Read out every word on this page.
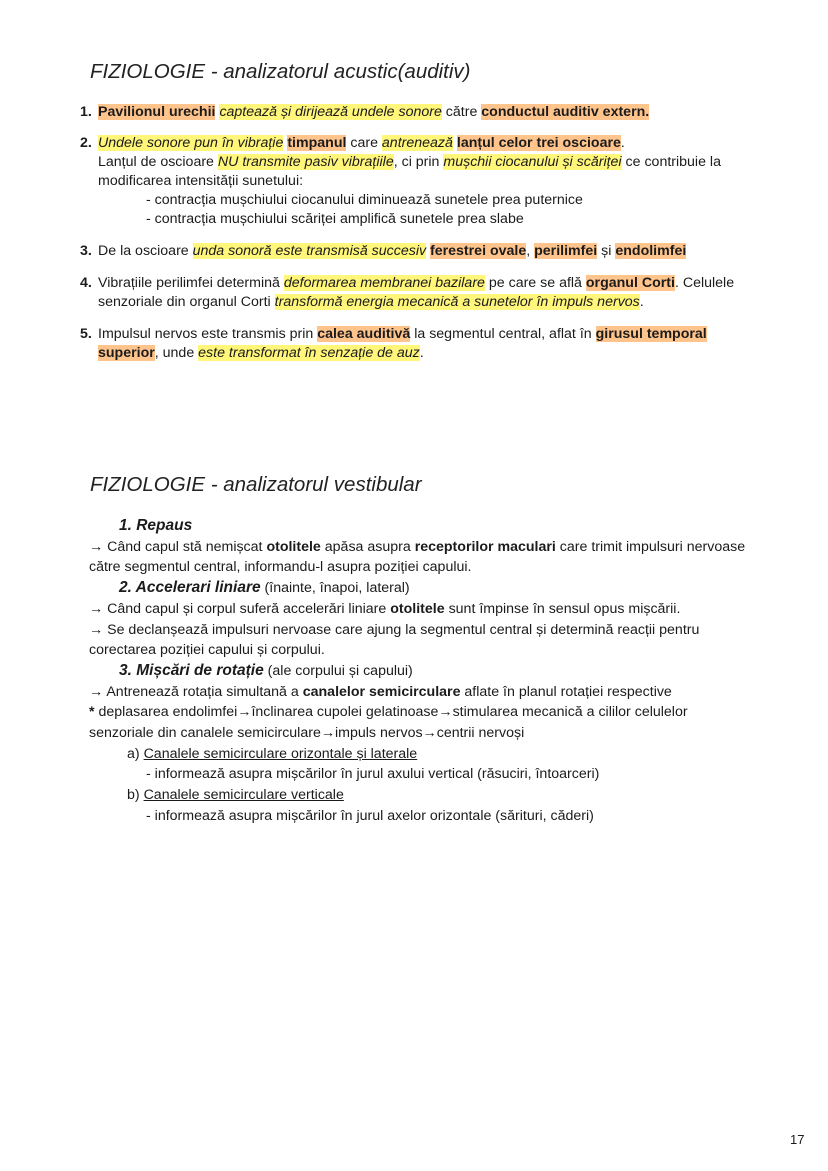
FIZIOLOGIE - analizatorul acustic(auditiv)
1. Pavilionul urechii captează și dirijează undele sonore către conductul auditiv extern.
2. Undele sonore pun în vibrație timpanul care antrenează lanțul celor trei oscioare.
Lanțul de oscioare NU transmite pasiv vibrațiile, ci prin mușchii ciocanului și scăriței ce contribuie la
modificarea intensității sunetului:
- contracția mușchiului ciocanului diminuează sunetele prea puternice
- contracția mușchiului scăriței amplifică sunetele prea slabe
3. De la oscioare unda sonoră este transmisă succesiv ferestrei ovale, perilimfei și endolimfei
4. Vibrațiile perilimfei determină deformarea membranei bazilare pe care se află organul Corti. Celulele
senzoriale din organul Corti transformă energia mecanică a sunetelor în impuls nervos.
5. Impulsul nervos este transmis prin calea auditivă la segmentul central, aflat în girusul temporal
superior, unde este transformat în senzație de auz.
FIZIOLOGIE - analizatorul vestibular
1. Repaus
→ Când capul stă nemișcat otolitele apăsa asupra receptorilor maculari care trimit impulsuri nervoase
către segmentul central, informandu-l asupra poziției capului.
2. Accelerari liniare (înainte, înapoi, lateral)
→ Când capul și corpul suferă accelerări liniare otolitele sunt împinse în sensul opus mișcării.
→ Se declanșează impulsuri nervoase care ajung la segmentul central și determină reacții pentru
corectarea poziției capului și corpului.
3. Mișcări de rotație (ale corpului și capului)
→ Antrenează rotația simultană a canalelor semicirculare aflate în planul rotației respective
* deplasarea endolimfei→înclinarea cupolei gelatinoase→stimularea mecanică a cililor celulelor
senzoriale din canalele semicirculare→impuls nervos→centrii nervoși
a) Canalele semicirculare orizontale și laterale
- informează asupra mișcărilor în jurul axului vertical (răsuciri, întoarceri)
b) Canalele semicirculare verticale
- informează asupra mișcărilor în jurul axelor orizontale (sărituri, căderi)
17
